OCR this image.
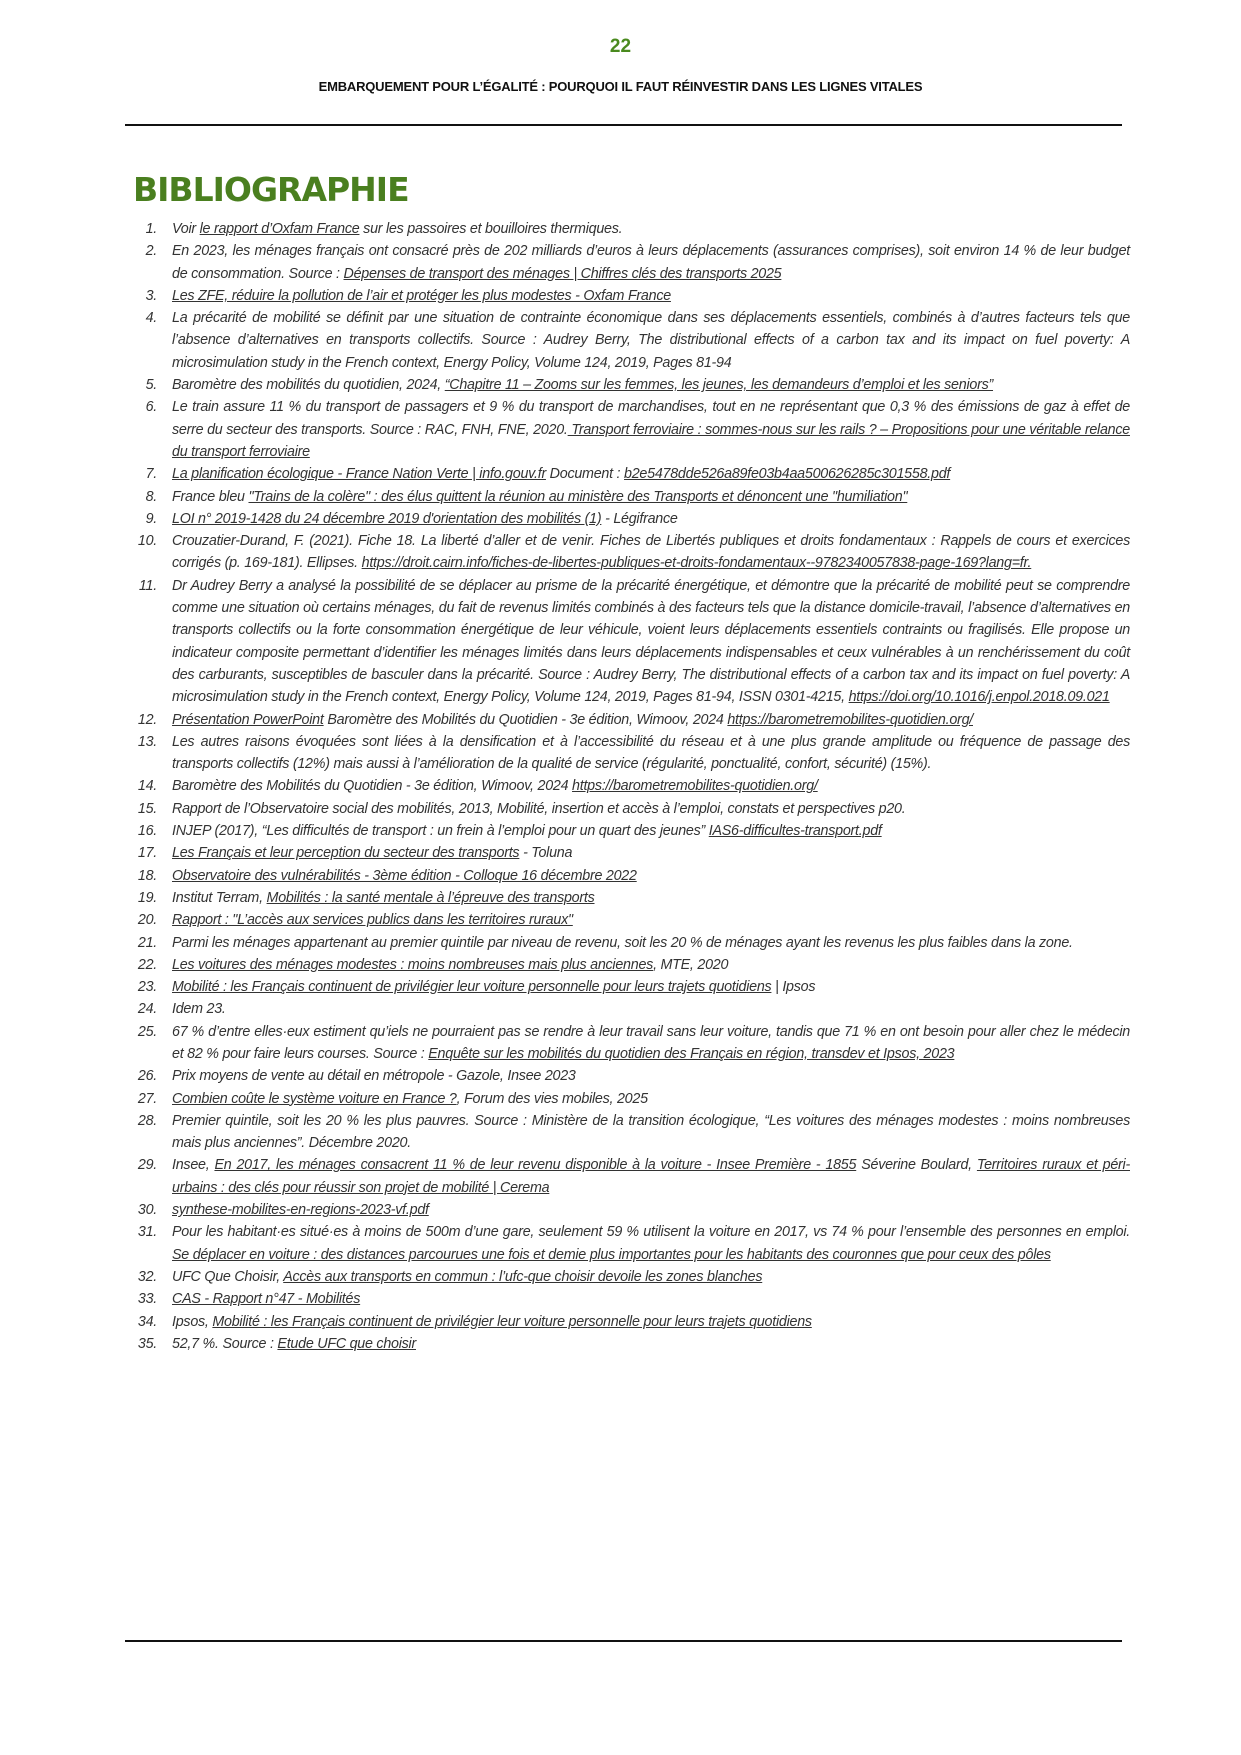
22
EMBARQUEMENT POUR L’ÉGALITÉ : POURQUOI IL FAUT RÉINVESTIR DANS LES LIGNES VITALES
BIBLIOGRAPHIE
1.	Voir le rapport d’Oxfam France sur les passoires et bouilloires thermiques.
2.	En 2023, les ménages français ont consacré près de 202 milliards d’euros à leurs déplacements (assurances comprises), soit environ 14 % de leur budget de consommation. Source : Dépenses de transport des ménages | Chiffres clés des transports 2025
3.	Les ZFE, réduire la pollution de l’air et protéger les plus modestes - Oxfam France
4.	La précarité de mobilité se définit par une situation de contrainte économique dans ses déplacements essentiels, combinés à d’autres facteurs tels que l’absence d’alternatives en transports collectifs. Source : Audrey Berry, The distributional effects of a carbon tax and its impact on fuel poverty: A microsimulation study in the French context, Energy Policy, Volume 124, 2019, Pages 81-94
5.	Baromètre des mobilités du quotidien, 2024, “Chapitre 11 – Zooms sur les femmes, les jeunes, les demandeurs d’emploi et les seniors”
6.	Le train assure 11 % du transport de passagers et 9 % du transport de marchandises, tout en ne représentant que 0,3 % des émissions de gaz à effet de serre du secteur des transports. Source : RAC, FNH, FNE, 2020. Transport ferroviaire : sommes-nous sur les rails ? – Propositions pour une véritable relance du transport ferroviaire
7.	La planification écologique - France Nation Verte | info.gouv.fr Document : b2e5478dde526a89fe03b4aa500626285c301558.pdf
8.	France bleu "Trains de la colère" : des élus quittent la réunion au ministère des Transports et dénoncent une "humiliation"
9.	LOI n° 2019-1428 du 24 décembre 2019 d'orientation des mobilités (1) - Légifrance
10.	Crouzatier-Durand, F. (2021). Fiche 18. La liberté d’aller et de venir. Fiches de Libertés publiques et droits fondamentaux : Rappels de cours et exercices corrigés (p. 169-181). Ellipses. https://droit.cairn.info/fiches-de-libertes-publiques-et-droits-fondamentaux--9782340057838-page-169?lang=fr.
11.	Dr Audrey Berry a analysé la possibilité de se déplacer au prisme de la précarité énergétique, et démontre que la précarité de mobilité peut se comprendre comme une situation où certains ménages, du fait de revenus limités combinés à des facteurs tels que la distance domicile-travail, l’absence d’alternatives en transports collectifs ou la forte consommation énergétique de leur véhicule, voient leurs déplacements essentiels contraints ou fragilisés. Elle propose un indicateur composite permettant d’identifier les ménages limités dans leurs déplacements indispensables et ceux vulnérables à un renchérissement du coût des carburants, susceptibles de basculer dans la précarité. Source : Audrey Berry, The distributional effects of a carbon tax and its impact on fuel poverty: A microsimulation study in the French context, Energy Policy, Volume 124, 2019, Pages 81-94, ISSN 0301-4215, https://doi.org/10.1016/j.enpol.2018.09.021
12.	Présentation PowerPoint Baromètre des Mobilités du Quotidien - 3e édition, Wimoov, 2024 https://barometremobilites-quotidien.org/
13.	Les autres raisons évoquées sont liées à la densification et à l’accessibilité du réseau et à une plus grande amplitude ou fréquence de passage des transports collectifs (12%) mais aussi à l’amélioration de la qualité de service (régularité, ponctualité, confort, sécurité) (15%).
14.	Baromètre des Mobilités du Quotidien - 3e édition, Wimoov, 2024 https://barometremobilites-quotidien.org/
15.	Rapport de l’Observatoire social des mobilités, 2013, Mobilité, insertion et accès à l’emploi, constats et perspectives p20.
16.	INJEP (2017), “Les difficultés de transport : un frein à l’emploi pour un quart des jeunes” IAS6-difficultes-transport.pdf
17.	Les Français et leur perception du secteur des transports - Toluna
18.	Observatoire des vulnérabilités - 3ème édition - Colloque 16 décembre 2022
19.	Institut Terram, Mobilités : la santé mentale à l’épreuve des transports
20.	Rapport : "L’accès aux services publics dans les territoires ruraux"
21.	Parmi les ménages appartenant au premier quintile par niveau de revenu, soit les 20 % de ménages ayant les revenus les plus faibles dans la zone.
22.	Les voitures des ménages modestes : moins nombreuses mais plus anciennes, MTE, 2020
23.	Mobilité : les Français continuent de privilégier leur voiture personnelle pour leurs trajets quotidiens | Ipsos
24.	Idem 23.
25.	67 % d’entre elles·eux estiment qu’iels ne pourraient pas se rendre à leur travail sans leur voiture, tandis que 71 % en ont besoin pour aller chez le médecin et 82 % pour faire leurs courses. Source : Enquête sur les mobilités du quotidien des Français en région, transdev et Ipsos, 2023
26.	Prix moyens de vente au détail en métropole - Gazole, Insee 2023
27.	Combien coûte le système voiture en France ?, Forum des vies mobiles, 2025
28.	Premier quintile, soit les 20 % les plus pauvres. Source : Ministère de la transition écologique, “Les voitures des ménages modestes : moins nombreuses mais plus anciennes”. Décembre 2020.
29.	Insee, En 2017, les ménages consacrent 11 % de leur revenu disponible à la voiture - Insee Première - 1855 Séverine Boulard, Territoires ruraux et péri-urbains : des clés pour réussir son projet de mobilité | Cerema
30.	synthese-mobilites-en-regions-2023-vf.pdf
31.	Pour les habitant·es situé·es à moins de 500m d’une gare, seulement 59 % utilisent la voiture en 2017, vs 74 % pour l’ensemble des personnes en emploi. Se déplacer en voiture : des distances parcourues une fois et demie plus importantes pour les habitants des couronnes que pour ceux des pôles
32.	UFC Que Choisir, Accès aux transports en commun : l’ufc-que choisir devoile les zones blanches
33.	CAS - Rapport n°47 - Mobilités
34.	Ipsos, Mobilité : les Français continuent de privilégier leur voiture personnelle pour leurs trajets quotidiens
35.	52,7 %. Source : Etude UFC que choisir
